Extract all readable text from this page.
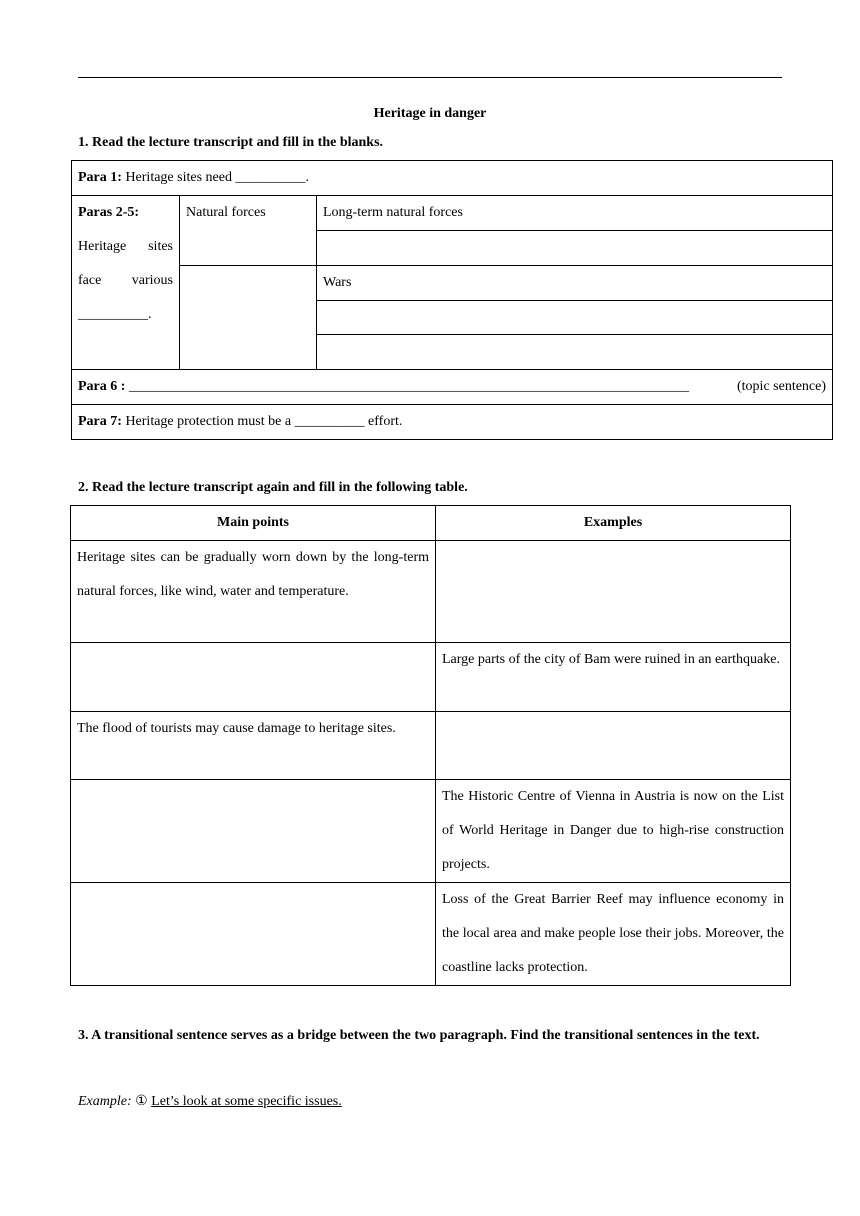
Heritage in danger
1. Read the lecture transcript and fill in the blanks.
Para 1: Heritage sites need __________.		

Paras 2-5:
Heritage sites face various __________.	Natural forces	Long-term natural forces

		Wars

Para 6 : ________________________________________________________________________________ (topic sentence)		

Para 7: Heritage protection must be a __________ effort.		
2. Read the lecture transcript again and fill in the following table.
Main points	Examples
Heritage sites can be gradually worn down by the long-term natural forces, like wind, water and temperature.	
	Large parts of the city of Bam were ruined in an earthquake.
The flood of tourists may cause damage to heritage sites.	
	The Historic Centre of Vienna in Austria is now on the List of World Heritage in Danger due to high-rise construction projects.
	Loss of the Great Barrier Reef may influence economy in the local area and make people lose their jobs. Moreover, the coastline lacks protection.
3. A transitional sentence serves as a bridge between the two paragraph. Find the transitional sentences in the text.
Example: ① Let’s look at some specific issues.
